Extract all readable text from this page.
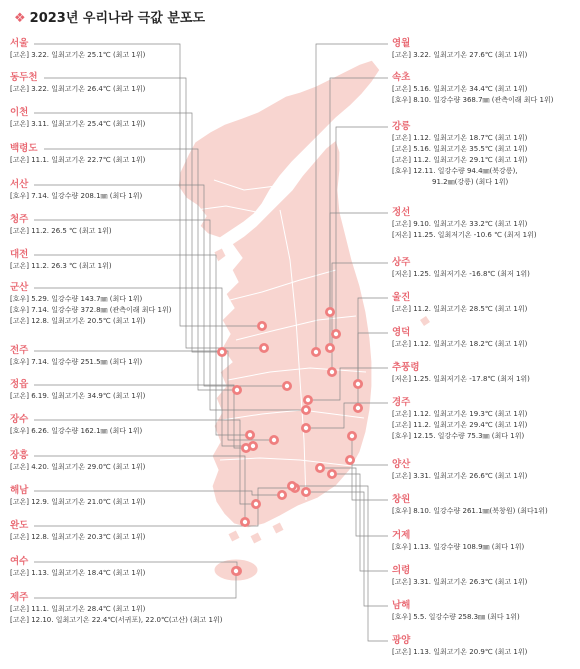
❖ 2023년 우리나라 극값 분포도
서울
[고온] 3.22. 일최고기온 25.1℃ (최고 1위)
동두천
[고온] 3.22. 일최고기온 26.4℃ (최고 1위)
이천
[고온] 3.11. 일최고기온 25.4℃ (최고 1위)
백령도
[고온] 11.1. 일최고기온 22.7℃ (최고 1위)
서산
[호우] 7.14. 일강수량 208.1㎜ (최다 1위)
청주
[고온] 11.2. 26.5 ℃ (최고 1위)
대전
[고온] 11.2. 26.3 ℃ (최고 1위)
군산
[호우] 5.29. 일강수량 143.7㎜ (최다 1위)
[호우] 7.14. 일강수량 372.8㎜ (관측이래 최다 1위)
[고온] 12.8. 일최고기온 20.5℃ (최고 1위)
전주
[호우] 7.14. 일강수량 251.5㎜ (최다 1위)
정읍
[고온] 6.19. 일최고기온 34.9℃ (최고 1위)
장수
[호우] 6.26. 일강수량 162.1㎜ (최다 1위)
장흥
[고온] 4.20. 일최고기온 29.0℃ (최고 1위)
해남
[고온] 12.9. 일최고기온 21.0℃ (최고 1위)
완도
[고온] 12.8. 일최고기온 20.3℃ (최고 1위)
여수
[고온] 1.13. 일최고기온 18.4℃ (최고 1위)
제주
[고온] 11.1. 일최고기온 28.4℃ (최고 1위)
[고온] 12.10. 일최고기온 22.4℃(서귀포), 22.0℃(고산) (최고 1위)
영월
[고온] 3.22. 일최고기온 27.6℃ (최고 1위)
속초
[고온] 5.16. 일최고기온 34.4℃ (최고 1위)
[호우] 8.10. 일강수량 368.7㎜ (관측이래 최다 1위)
강릉
[고온] 1.12. 일최고기온 18.7℃ (최고 1위)
[고온] 5.16. 일최고기온 35.5℃ (최고 1위)
[고온] 11.2. 일최고기온 29.1℃ (최고 1위)
[호우] 12.11. 일강수량 94.4㎜(북강릉),
91.2㎜(강릉) (최다 1위)
정선
[고온] 9.10. 일최고기온 33.2℃ (최고 1위)
[저온] 11.25. 일최저기온 -10.6 ℃ (최저 1위)
상주
[저온] 1.25. 일최저기온 -16.8℃ (최저 1위)
울진
[고온] 11.2. 일최고기온 28.5℃ (최고 1위)
영덕
[고온] 1.12. 일최고기온 18.2℃ (최고 1위)
추풍령
[저온] 1.25. 일최저기온 -17.8℃ (최저 1위)
경주
[고온] 1.12. 일최고기온 19.3℃ (최고 1위)
[고온] 11.2. 일최고기온 29.4℃ (최고 1위)
[호우] 12.15. 일강수량 75.3㎜ (최다 1위)
양산
[고온] 3.31. 일최고기온 26.6℃ (최고 1위)
창원
[호우] 8.10. 일강수량 261.1㎜(북창원) (최다1위)
거제
[호우] 1.13. 일강수량 108.9㎜ (최다 1위)
의령
[고온] 3.31. 일최고기온 26.3℃ (최고 1위)
남해
[호우] 5.5. 일강수량 258.3㎜ (최다 1위)
광양
[고온] 1.13. 일최고기온 20.9℃ (최고 1위)
